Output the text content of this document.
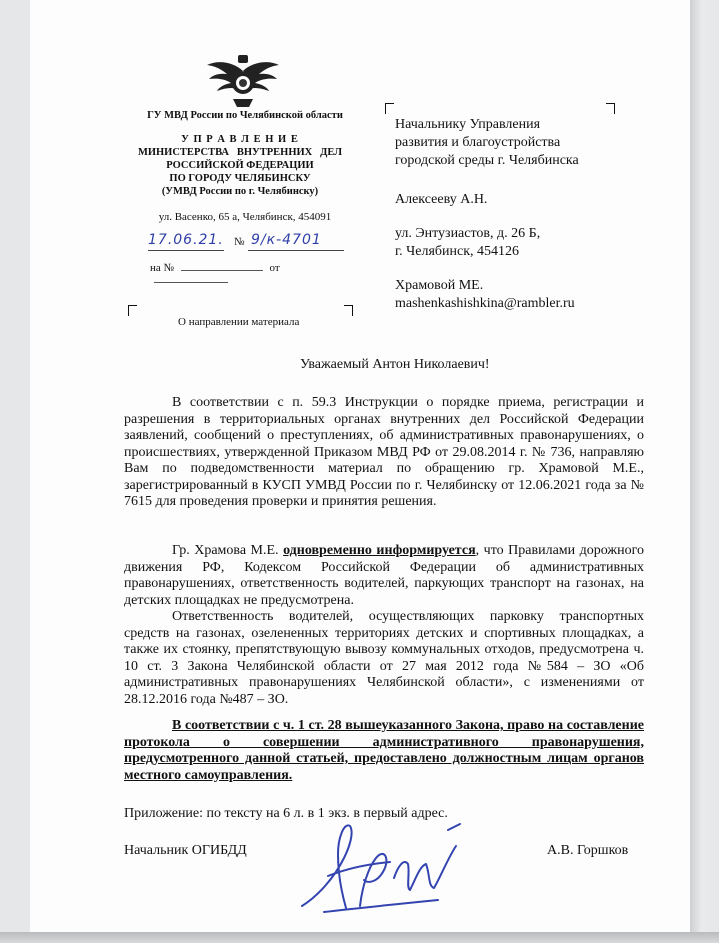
ГУ МВД России по Челябинской области
У П Р А В Л Е Н И Е
МИНИСТЕРСТВА   ВНУТРЕННИХ   ДЕЛ
РОССИЙСКОЙ ФЕДЕРАЦИИ
ПО ГОРОДУ ЧЕЛЯБИНСКУ
(УМВД России по г. Челябинску)
ул. Васенко, 65 а, Челябинск, 454091
17.06.21. № 9/к-4701
на №	от
О направлении материала
Начальнику Управления
развития и благоустройства
городской среды г. Челябинска
Алексееву А.Н.
ул. Энтузиастов, д. 26 Б,
г. Челябинск, 454126
Храмовой МЕ.
mashenkashishkina@rambler.ru
Уважаемый Антон Николаевич!
В соответствии с п. 59.3 Инструкции о порядке приема, регистрации и разрешения в территориальных органах внутренних дел Российской Федерации заявлений, сообщений о преступлениях, об административных правонарушениях, о происшествиях, утвержденной Приказом МВД РФ от 29.08.2014 г. № 736, направляю Вам по подведомственности материал по обращению гр. Храмовой М.Е., зарегистрированный в КУСП УМВД России по г. Челябинску от 12.06.2021 года за № 7615 для проведения проверки и принятия решения.
Гр. Храмова М.Е. одновременно информируется, что Правилами дорожного движения РФ, Кодексом Российской Федерации об административных правонарушениях, ответственность водителей, паркующих транспорт на газонах, на детских площадках не предусмотрена.
Ответственность водителей, осуществляющих парковку транспортных средств на газонах, озелененных территориях детских и спортивных площадках, а также их стоянку, препятствующую вывозу коммунальных отходов, предусмотрена ч. 10 ст. 3 Закона Челябинской области от 27 мая 2012 года №584 – ЗО «Об административных правонарушениях Челябинской области», с изменениями от 28.12.2016 года №487 – ЗО.
В соответствии с ч. 1 ст. 28 вышеуказанного Закона, право на составление протокола о совершении административного правонарушения, предусмотренного данной статьей, предоставлено должностным лицам органов местного самоуправления.
Приложение: по тексту на 6 л. в 1 экз. в первый адрес.
Начальник ОГИБДД	А.В. Горшков
